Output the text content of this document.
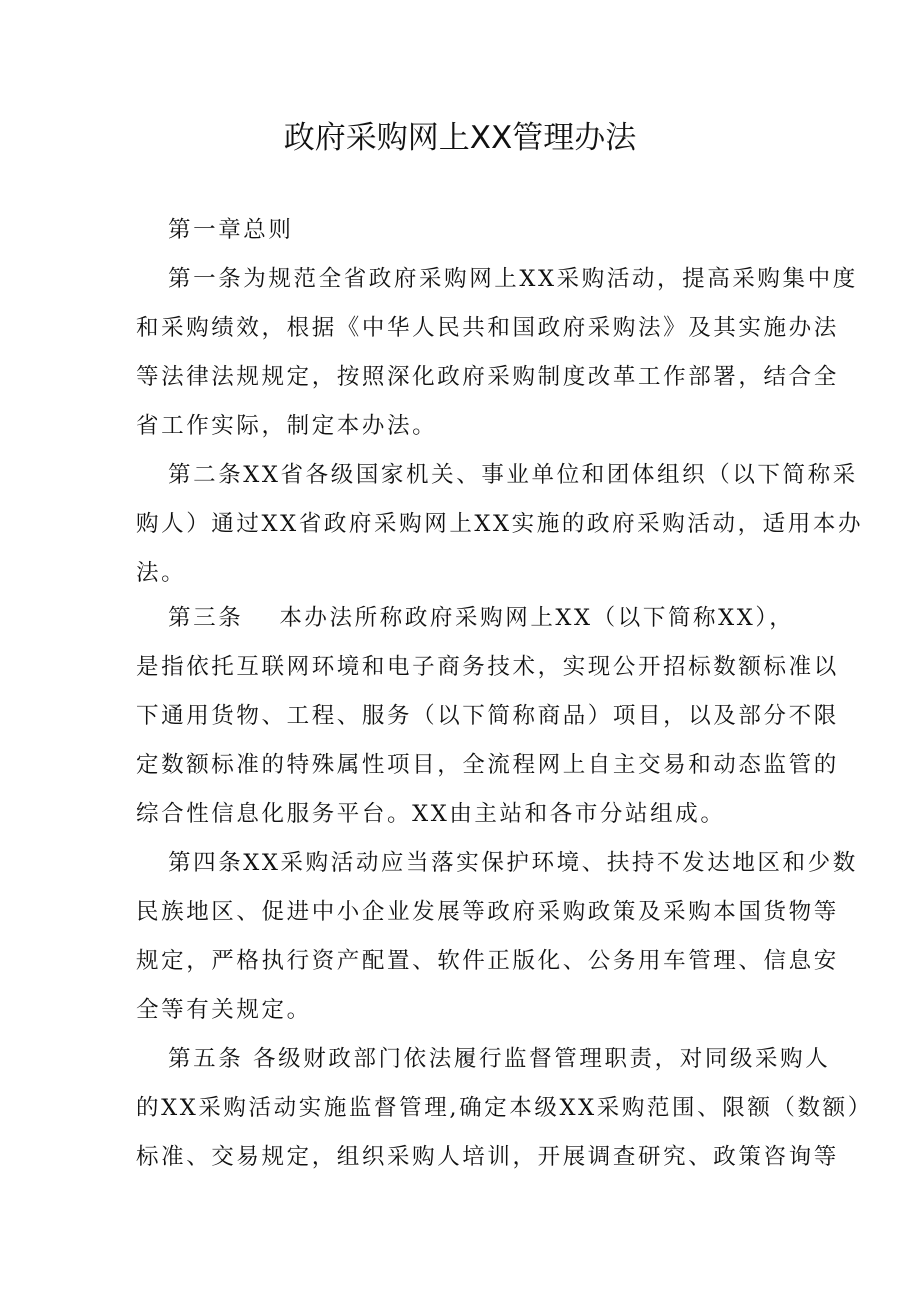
政府采购网上XX管理办法
第一章总则
第一条为规范全省政府采购网上XX采购活动，提高采购集中度
和采购绩效，根据《中华人民共和国政府采购法》及其实施办法
等法律法规规定，按照深化政府采购制度改革工作部署，结合全
省工作实际，制定本办法。
第二条XX省各级国家机关、事业单位和团体组织（以下简称采
购人）通过XX省政府采购网上XX实施的政府采购活动，适用本办
法。
第三条 本办法所称政府采购网上XX（以下简称XX），
是指依托互联网环境和电子商务技术，实现公开招标数额标准以
下通用货物、工程、服务（以下简称商品）项目，以及部分不限
定数额标准的特殊属性项目，全流程网上自主交易和动态监管的
综合性信息化服务平台。XX由主站和各市分站组成。
第四条XX采购活动应当落实保护环境、扶持不发达地区和少数
民族地区、促进中小企业发展等政府采购政策及采购本国货物等
规定，严格执行资产配置、软件正版化、公务用车管理、信息安
全等有关规定。
第五条 各级财政部门依法履行监督管理职责，对同级采购人
的XX采购活动实施监督管理,确定本级XX采购范围、限额（数额）
标准、交易规定，组织采购人培训，开展调查研究、政策咨询等
